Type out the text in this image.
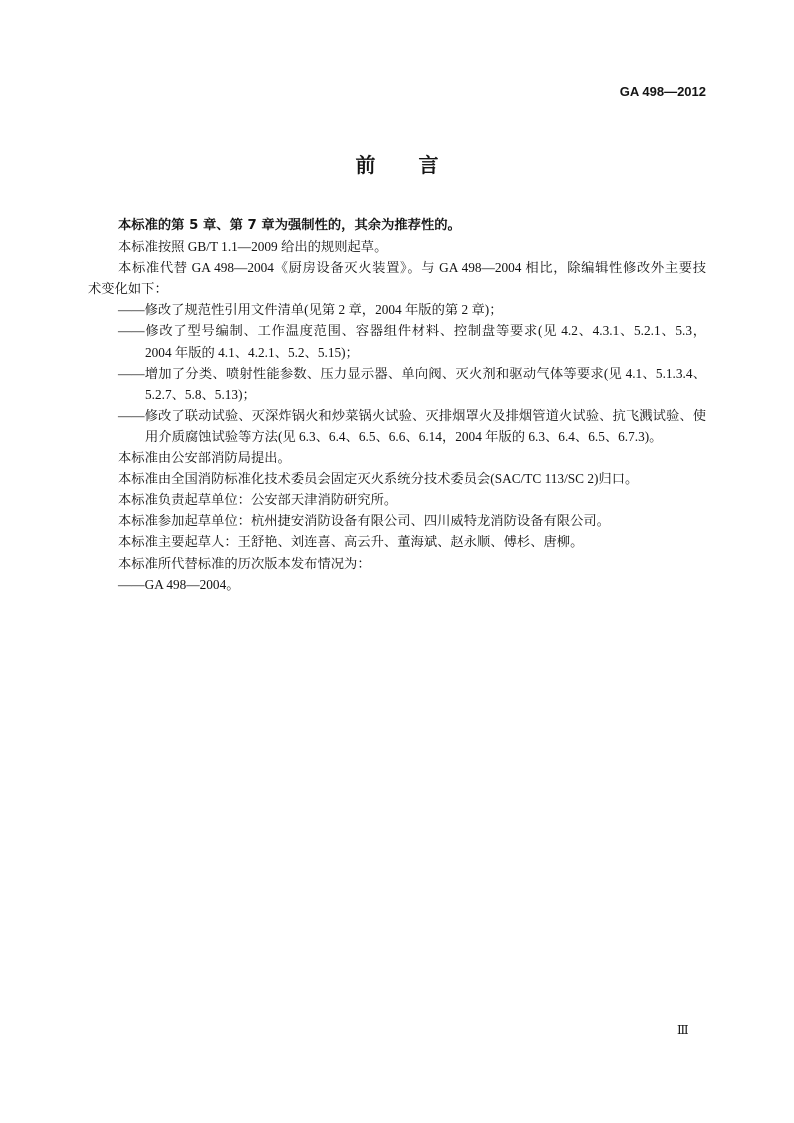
GA 498—2012
前　言
本标准的第 5 章、第 7 章为强制性的，其余为推荐性的。
本标准按照 GB/T 1.1—2009 给出的规则起草。
本标准代替 GA 498—2004《厨房设备灭火装置》。与 GA 498—2004 相比，除编辑性修改外主要技
术变化如下：
——修改了规范性引用文件清单(见第 2 章，2004 年版的第 2 章)；
——修改了型号编制、工作温度范围、容器组件材料、控制盘等要求(见 4.2、4.3.1、5.2.1、5.3，
2004 年版的 4.1、4.2.1、5.2、5.15)；
——增加了分类、喷射性能参数、压力显示器、单向阀、灭火剂和驱动气体等要求(见 4.1、5.1.3.4、
5.2.7、5.8、5.13)；
——修改了联动试验、灭深炸锅火和炒菜锅火试验、灭排烟罩火及排烟管道火试验、抗飞溅试验、使
用介质腐蚀试验等方法(见 6.3、6.4、6.5、6.6、6.14，2004 年版的 6.3、6.4、6.5、6.7.3)。
本标准由公安部消防局提出。
本标准由全国消防标准化技术委员会固定灭火系统分技术委员会(SAC/TC 113/SC 2)归口。
本标准负责起草单位：公安部天津消防研究所。
本标准参加起草单位：杭州捷安消防设备有限公司、四川威特龙消防设备有限公司。
本标准主要起草人：王舒艳、刘连喜、高云升、董海斌、赵永顺、傅杉、唐柳。
本标准所代替标准的历次版本发布情况为：
——GA 498—2004。
Ⅲ
